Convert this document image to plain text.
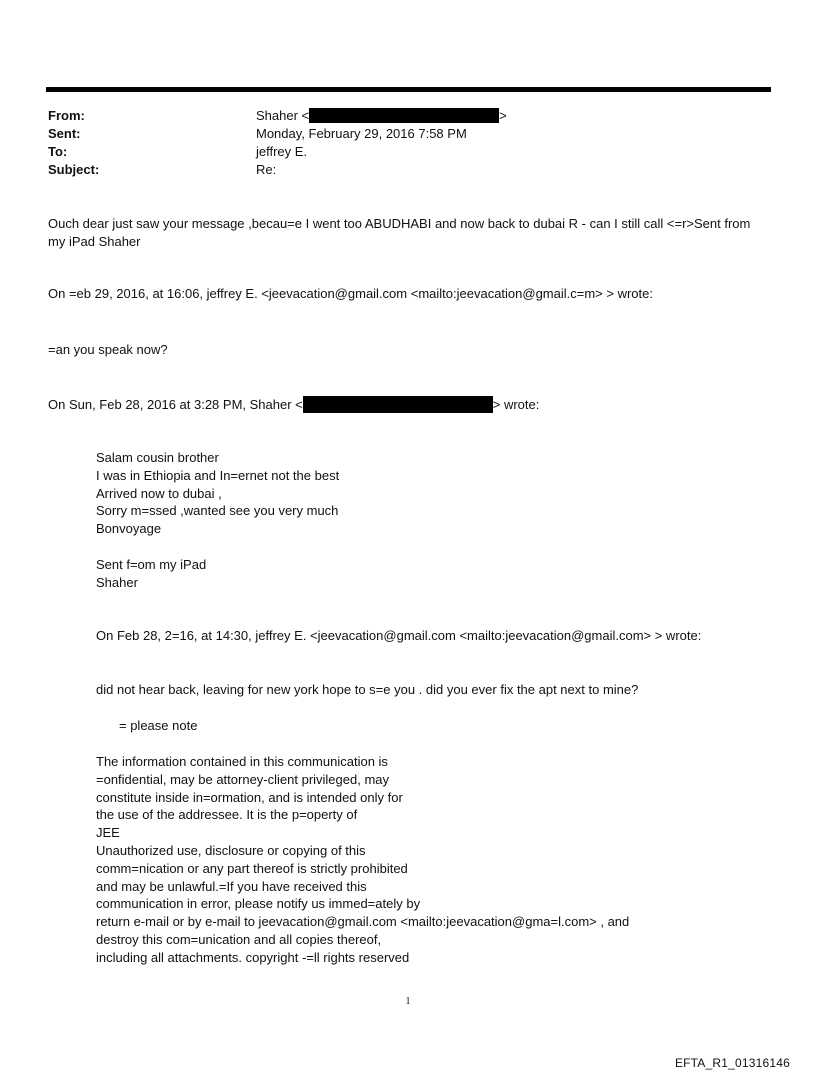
From:	Shaher <	>
Sent:	Monday, February 29, 2016 7:58 PM
To:	jeffrey E.
Subject:	Re:
Ouch dear just saw your message ,becau=e I went too ABUDHABI and now back to dubai R - can I still call <=r>Sent from
my iPad Shaher
On =eb 29, 2016, at 16:06, jeffrey E. <jeevacation@gmail.com <mailto:jeevacation@gmail.c=m> > wrote:
=an you speak now?
On Sun, Feb 28, 2016 at 3:28 PM, Shaher <	> wrote:
Salam cousin brother
I was in Ethiopia and In=ernet not the best
Arrived now to dubai ,
Sorry m=ssed ,wanted see you very much
Bonvoyage
Sent f=om my iPad
Shaher
On Feb 28, 2=16, at 14:30, jeffrey E. <jeevacation@gmail.com <mailto:jeevacation@gmail.com> > wrote:
did not hear back, leaving for new york hope to s=e you . did you ever fix the apt next to mine?
= please note
The information contained in this communication is
=onfidential, may be attorney-client privileged, may
constitute inside in=ormation, and is intended only for
the use of the addressee. It is the p=operty of
JEE
Unauthorized use, disclosure or copying of this
comm=nication or any part thereof is strictly prohibited
and may be unlawful.=If you have received this
communication in error, please notify us immed=ately by
return e-mail or by e-mail to jeevacation@gmail.com <mailto:jeevacation@gma=l.com> , and
destroy this com=unication and all copies thereof,
including all attachments. copyright -=ll rights reserved
1
EFTA_R1_01316146
